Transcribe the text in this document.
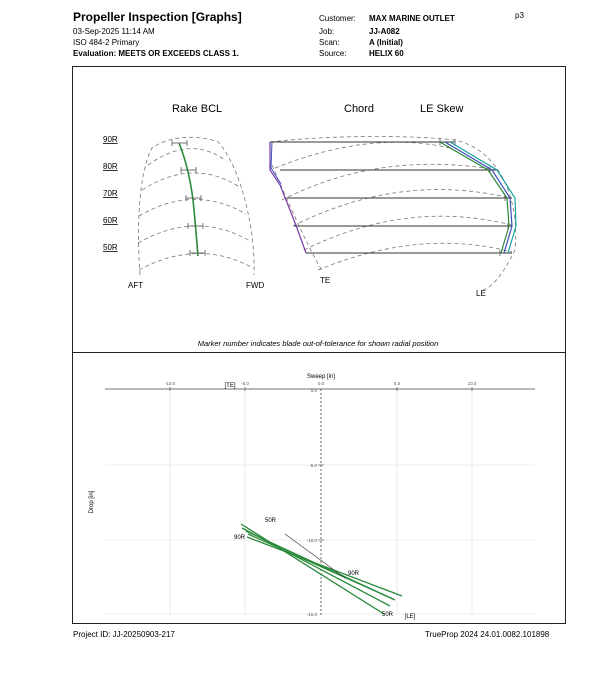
Propeller Inspection [Graphs]
03-Sep-2025 11:14 AM
ISO 484-2 Primary
Evaluation: MEETS OR EXCEEDS CLASS 1.
Customer: MAX MARINE OUTLET
Job:	JJ-A082
Scan:	A (Initial)
Source:	HELIX 60
p3
Rake BCL	Chord	LE Skew
90R
80R
70R
60R
50R
AFT	FWD
TE
LE
Marker number indicates blade out-of-tolerance for shown radial position
Sweep [in]
-10.0	-5.0	0.0	5.0	10.0
0.0
-5.0
-10.0
-15.0
Drop [in]
[TE]
[LE]
50R
90R
90R
50R
Project ID: JJ-20250903-217	TrueProp 2024 24.01.0082.101898
